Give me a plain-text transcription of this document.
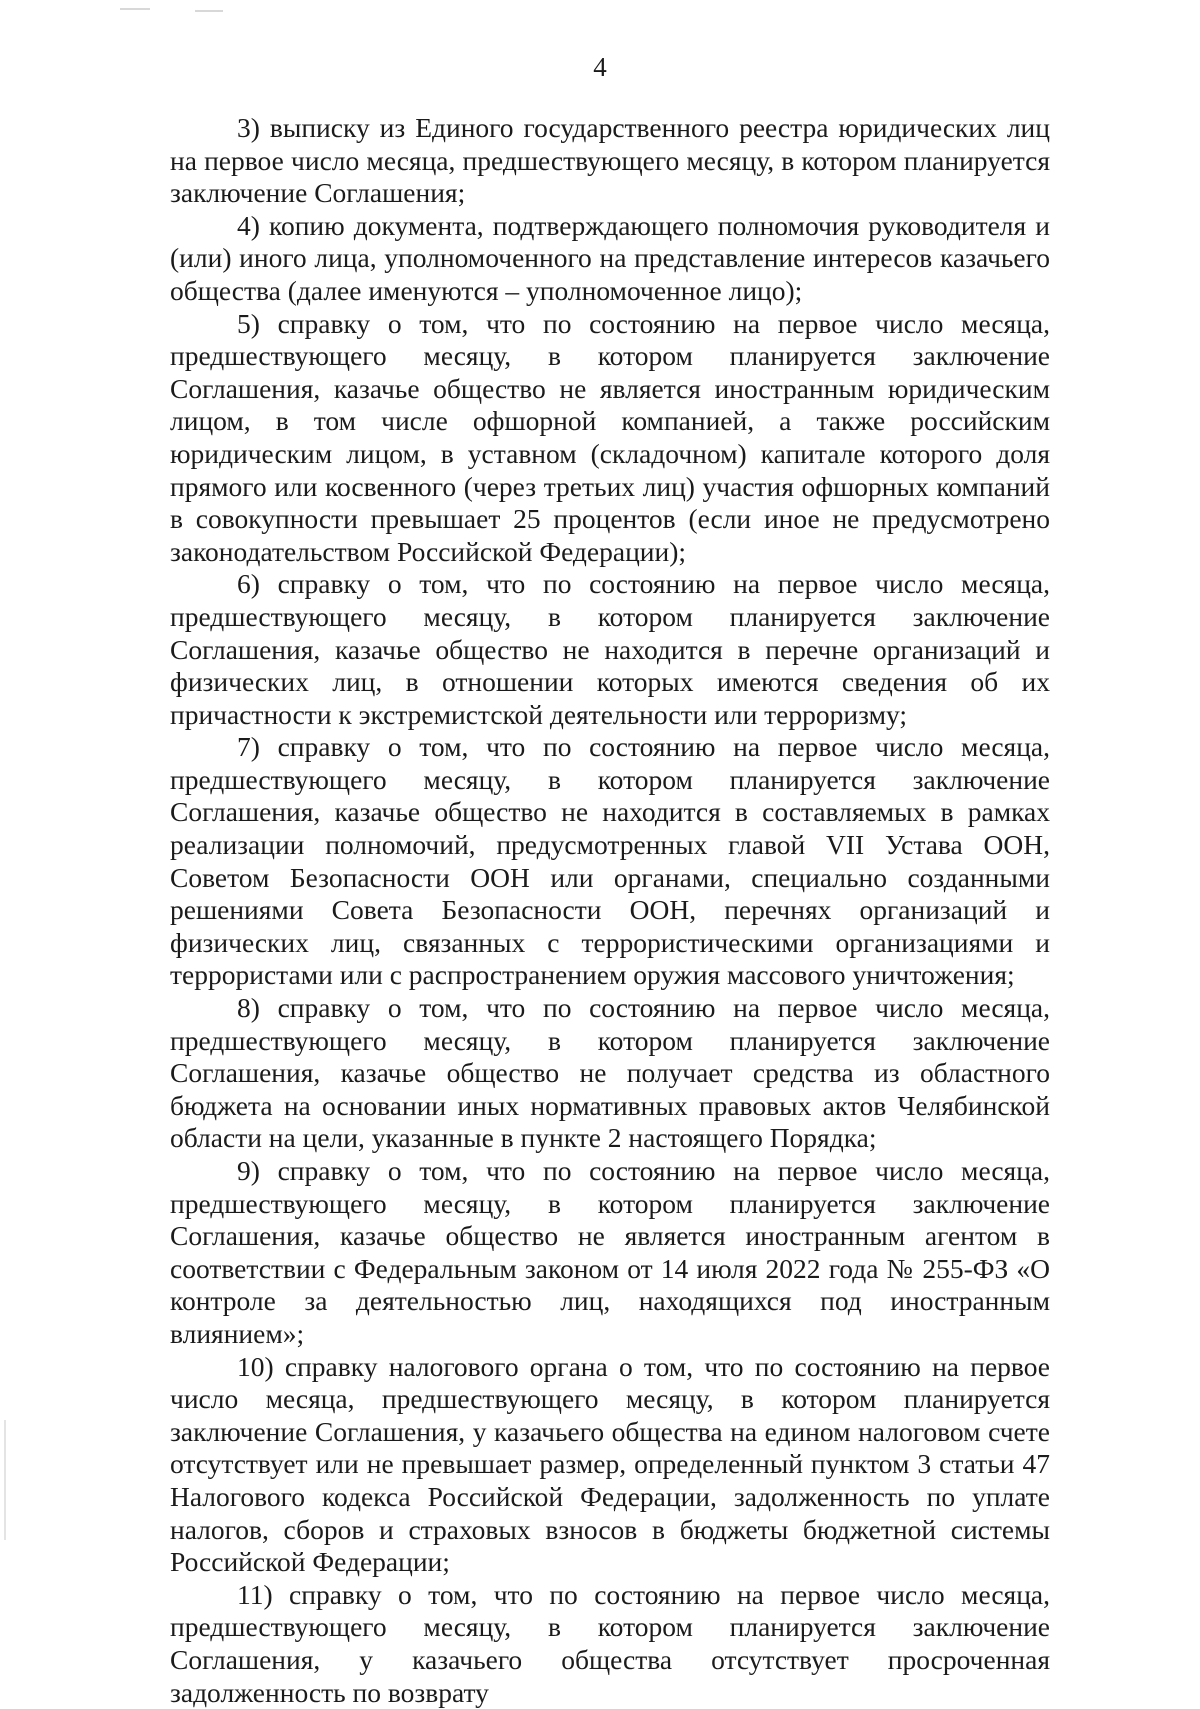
4

3) выписку из Единого государственного реестра юридических лиц на первое число месяца, предшествующего месяцу, в котором планируется заключение Соглашения;

4) копию документа, подтверждающего полномочия руководителя и (или) иного лица, уполномоченного на представление интересов казачьего общества (далее именуются – уполномоченное лицо);

5) справку о том, что по состоянию на первое число месяца, предшествующего месяцу, в котором планируется заключение Соглашения, казачье общество не является иностранным юридическим лицом, в том числе офшорной компанией, а также российским юридическим лицом, в уставном (складочном) капитале которого доля прямого или косвенного (через третьих лиц) участия офшорных компаний в совокупности превышает 25 процентов (если иное не предусмотрено законодательством Российской Федерации);

6) справку о том, что по состоянию на первое число месяца, предшествующего месяцу, в котором планируется заключение Соглашения, казачье общество не находится в перечне организаций и физических лиц, в отношении которых имеются сведения об их причастности к экстремистской деятельности или терроризму;

7) справку о том, что по состоянию на первое число месяца, предшествующего месяцу, в котором планируется заключение Соглашения, казачье общество не находится в составляемых в рамках реализации полномочий, предусмотренных главой VII Устава ООН, Советом Безопасности ООН или органами, специально созданными решениями Совета Безопасности ООН, перечнях организаций и физических лиц, связанных с террористическими организациями и террористами или с распространением оружия массового уничтожения;

8) справку о том, что по состоянию на первое число месяца, предшествующего месяцу, в котором планируется заключение Соглашения, казачье общество не получает средства из областного бюджета на основании иных нормативных правовых актов Челябинской области на цели, указанные в пункте 2 настоящего Порядка;

9) справку о том, что по состоянию на первое число месяца, предшествующего месяцу, в котором планируется заключение Соглашения, казачье общество не является иностранным агентом в соответствии с Федеральным законом от 14 июля 2022 года № 255-ФЗ «О контроле за деятельностью лиц, находящихся под иностранным влиянием»;

10) справку налогового органа о том, что по состоянию на первое число месяца, предшествующего месяцу, в котором планируется заключение Соглашения, у казачьего общества на едином налоговом счете отсутствует или не превышает размер, определенный пунктом 3 статьи 47 Налогового кодекса Российской Федерации, задолженность по уплате налогов, сборов и страховых взносов в бюджеты бюджетной системы Российской Федерации;

11) справку о том, что по состоянию на первое число месяца, предшествующего месяцу, в котором планируется заключение Соглашения, у казачьего общества отсутствует просроченная задолженность по возврату
